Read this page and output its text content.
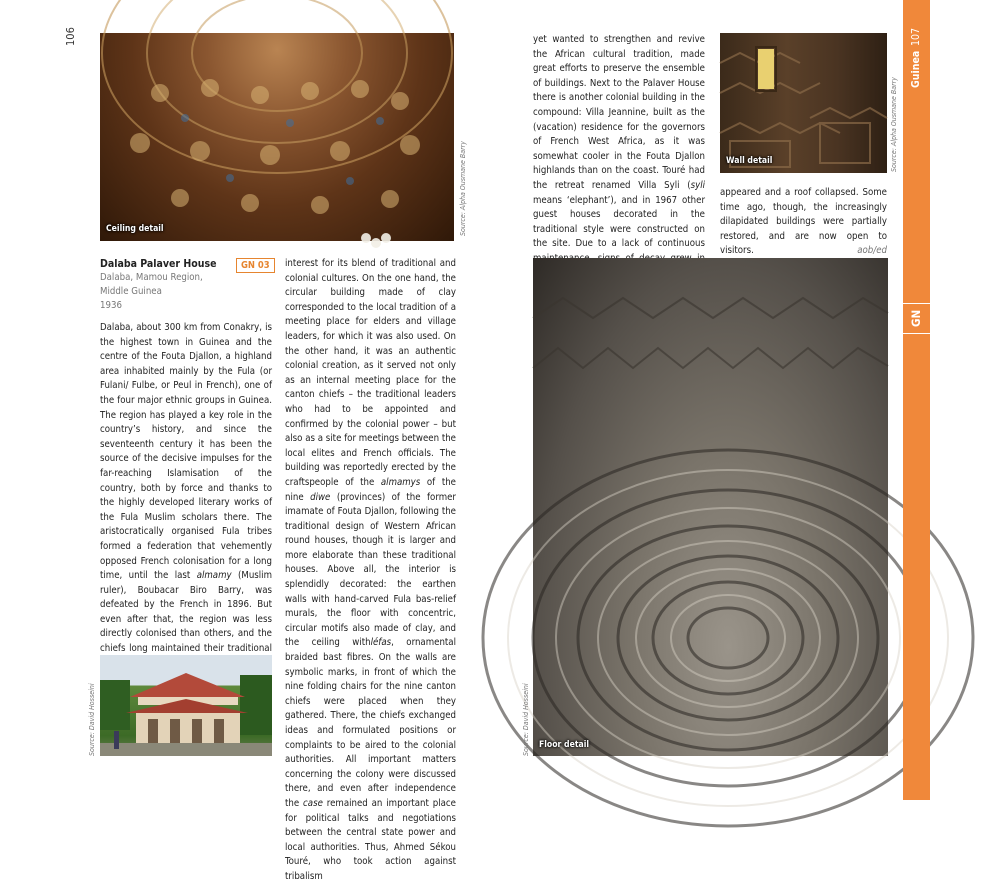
106
Ceiling detail	Source: Alpha Ousmane Barry
Dalaba Palaver House	GN 03
Dalaba, Mamou Region,
Middle Guinea
1936
Dalaba, about 300 km from Conakry, is the highest town in Guinea and the centre of the Fouta Djallon, a highland area inhabited mainly by the Fula (or Fulani/ Fulbe, or Peul in French), one of the four major ethnic groups in Guinea. The region has played a key role in the country’s history, and since the seventeenth century it has been the source of the decisive impulses for the far-reaching Islamisation of the country, both by force and thanks to the highly developed literary works of the Fula Muslim scholars there. The aristocratically organised Fula tribes formed a federation that vehemently opposed French colonisation for a long time, until the last almamy (Muslim ruler), Boubacar Biro Barry, was defeated by the French in 1896. But even after that, the region was less directly colonised than others, and the chiefs long maintained their traditional
Source: David Hosseini
interest for its blend of traditional and colonial cultures. On the one hand, the circular building made of clay corresponded to the local tradition of a meeting place for elders and village leaders, for which it was also used. On the other hand, it was an authentic colonial creation, as it served not only as an internal meeting place for the canton chiefs – the traditional leaders who had to be appointed and confirmed by the colonial power – but also as a site for meetings between the local elites and French officials. The building was reportedly erected by the craftspeople of the almamys of the nine diwe (provinces) of the former imamate of Fouta Djallon, following the traditional design of Western African round houses, though it is larger and more elaborate than these traditional houses. Above all, the interior is splendidly decorated: the earthen walls with hand-carved Fula bas-relief murals, the floor with concentric, circular motifs also made of clay, and the ceiling withléfas, ornamental braided bast fibres. On the walls are symbolic marks, in front of which the nine folding chairs for the nine canton chiefs were placed when they gathered. There, the chiefs exchanged ideas and formulated positions or complaints to be aired to the colonial authorities. All important matters concerning the colony were discussed there, and even after independence the case remained an important place for political talks and negotiations between the central state power and local authorities. Thus, Ahmed Sékou Touré, who took action against tribalism
yet wanted to strengthen and revive the African cultural tradition, made great efforts to preserve the ensemble of buildings. Next to the Palaver House there is another colonial building in the compound: Villa Jeannine, built as the (vacation) residence for the governors of French West Africa, as it was somewhat cooler in the Fouta Djallon highlands than on the coast. Touré had the retreat renamed Villa Syli (syli means ‘elephant’), and in 1967 other guest houses decorated in the traditional style were constructed on the site. Due to a lack of continuous
Wall detail	Source: Alpha Ousmane Barry
appeared and a roof collapsed. Some time ago, though, the increasingly dilapidated buildings were partially restored, and are now open to visitors.	aob/ed
Floor detail
Source: David Hosseini
Guinea
107
GN
